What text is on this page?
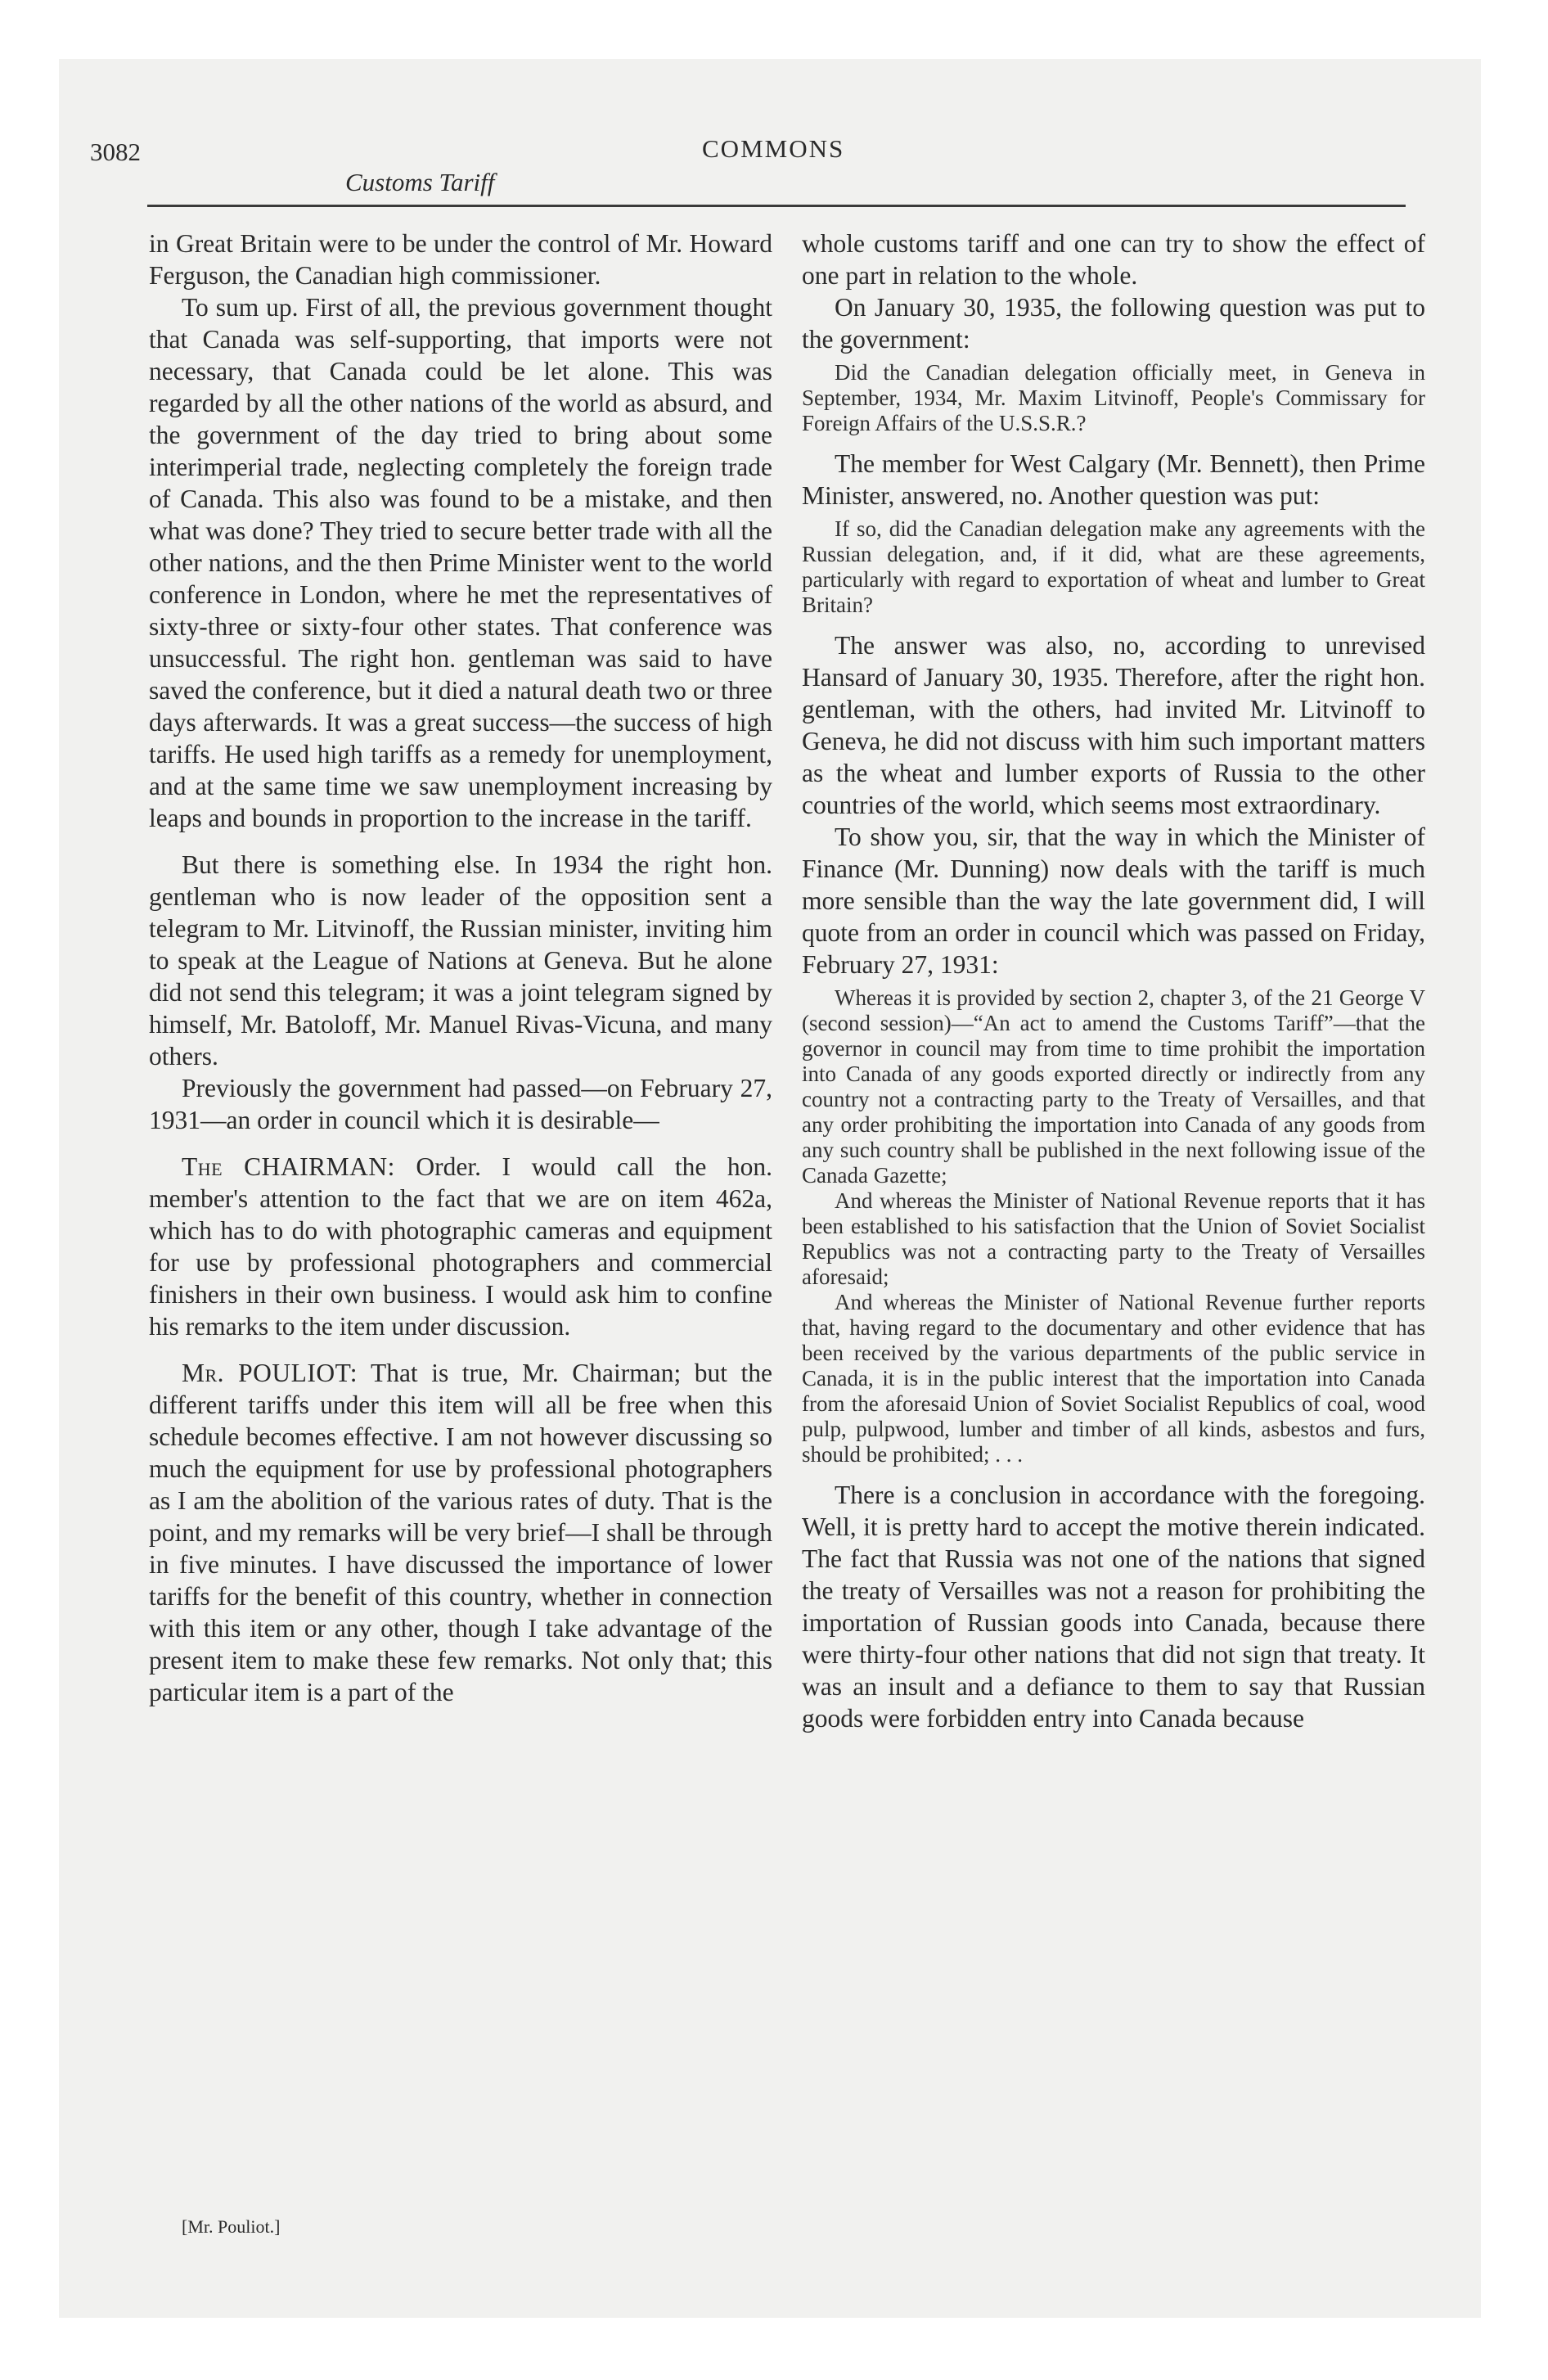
3082
Customs Tariff
COMMONS

in Great Britain were to be under the control of Mr. Howard Ferguson, the Canadian high commissioner.

To sum up. First of all, the previous government thought that Canada was self-supporting, that imports were not necessary, that Canada could be let alone. This was regarded by all the other nations of the world as absurd, and the government of the day tried to bring about some interimperial trade, neglecting completely the foreign trade of Canada. This also was found to be a mistake, and then what was done? They tried to secure better trade with all the other nations, and the then Prime Minister went to the world conference in London, where he met the representatives of sixty-three or sixty-four other states. That conference was unsuccessful. The right hon. gentleman was said to have saved the conference, but it died a natural death two or three days afterwards. It was a great success—the success of high tariffs. He used high tariffs as a remedy for unemployment, and at the same time we saw unemployment increasing by leaps and bounds in proportion to the increase in the tariff.

But there is something else. In 1934 the right hon. gentleman who is now leader of the opposition sent a telegram to Mr. Litvinoff, the Russian minister, inviting him to speak at the League of Nations at Geneva. But he alone did not send this telegram; it was a joint telegram signed by himself, Mr. Batoloff, Mr. Manuel Rivas-Vicuna, and many others.

Previously the government had passed—on February 27, 1931—an order in council which it is desirable—

The CHAIRMAN: Order. I would call the hon. member's attention to the fact that we are on item 462a, which has to do with photographic cameras and equipment for use by professional photographers and commercial finishers in their own business. I would ask him to confine his remarks to the item under discussion.

Mr. POULIOT: That is true, Mr. Chairman; but the different tariffs under this item will all be free when this schedule becomes effective. I am not however discussing so much the equipment for use by professional photographers as I am the abolition of the various rates of duty. That is the point, and my remarks will be very brief—I shall be through in five minutes. I have discussed the importance of lower tariffs for the benefit of this country, whether in connection with this item or any other, though I take advantage of the present item to make these few remarks. Not only that; this particular item is a part of the

[Mr. Pouliot.]

whole customs tariff and one can try to show the effect of one part in relation to the whole.

On January 30, 1935, the following question was put to the government:

Did the Canadian delegation officially meet, in Geneva in September, 1934, Mr. Maxim Litvinoff, People's Commissary for Foreign Affairs of the U.S.S.R.?

The member for West Calgary (Mr. Bennett), then Prime Minister, answered, no. Another question was put:

If so, did the Canadian delegation make any agreements with the Russian delegation, and, if it did, what are these agreements, particularly with regard to exportation of wheat and lumber to Great Britain?

The answer was also, no, according to unrevised Hansard of January 30, 1935. Therefore, after the right hon. gentleman, with the others, had invited Mr. Litvinoff to Geneva, he did not discuss with him such important matters as the wheat and lumber exports of Russia to the other countries of the world, which seems most extraordinary.

To show you, sir, that the way in which the Minister of Finance (Mr. Dunning) now deals with the tariff is much more sensible than the way the late government did, I will quote from an order in council which was passed on Friday, February 27, 1931:

Whereas it is provided by section 2, chapter 3, of the 21 George V (second session)—“An act to amend the Customs Tariff”—that the governor in council may from time to time prohibit the importation into Canada of any goods exported directly or indirectly from any country not a contracting party to the Treaty of Versailles, and that any order prohibiting the importation into Canada of any goods from any such country shall be published in the next following issue of the Canada Gazette;

And whereas the Minister of National Revenue reports that it has been established to his satisfaction that the Union of Soviet Socialist Republics was not a contracting party to the Treaty of Versailles aforesaid;

And whereas the Minister of National Revenue further reports that, having regard to the documentary and other evidence that has been received by the various departments of the public service in Canada, it is in the public interest that the importation into Canada from the aforesaid Union of Soviet Socialist Republics of coal, wood pulp, pulpwood, lumber and timber of all kinds, asbestos and furs, should be prohibited; . . .

There is a conclusion in accordance with the foregoing. Well, it is pretty hard to accept the motive therein indicated. The fact that Russia was not one of the nations that signed the treaty of Versailles was not a reason for prohibiting the importation of Russian goods into Canada, because there were thirty-four other nations that did not sign that treaty. It was an insult and a defiance to them to say that Russian goods were forbidden entry into Canada because
